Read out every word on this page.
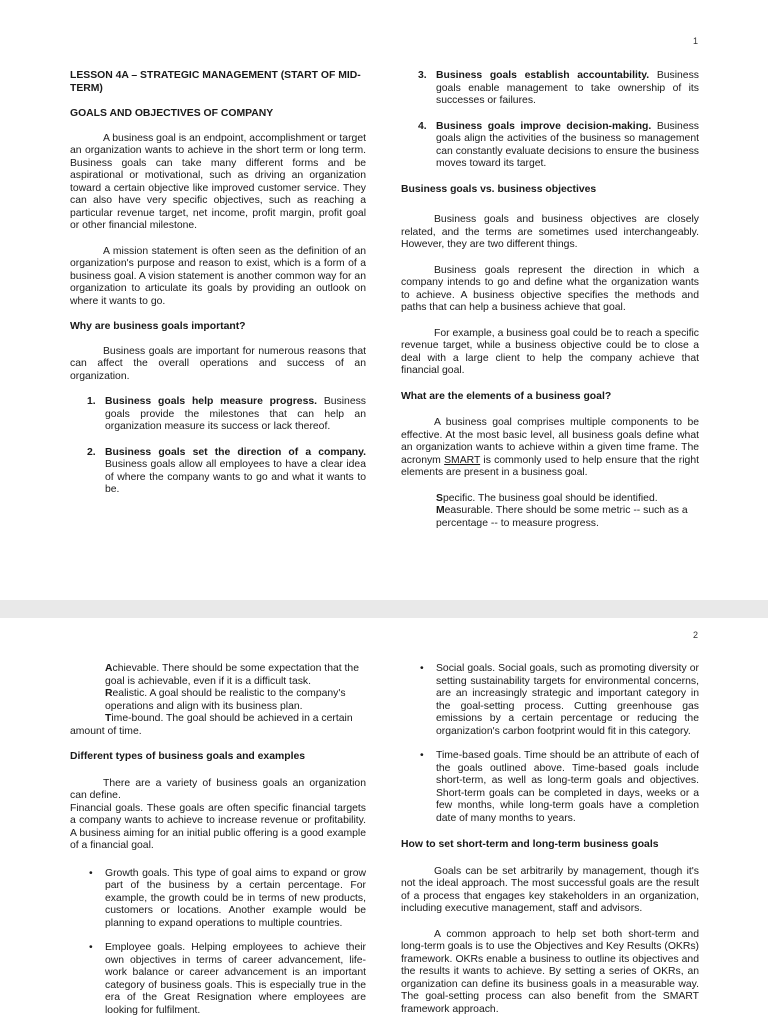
1

LESSON 4A – STRATEGIC MANAGEMENT (START OF MID-TERM)

GOALS AND OBJECTIVES OF COMPANY

A business goal is an endpoint, accomplishment or target an organization wants to achieve in the short term or long term. Business goals can take many different forms and be aspirational or motivational, such as driving an organization toward a certain objective like improved customer service. They can also have very specific objectives, such as reaching a particular revenue target, net income, profit margin, profit goal or other financial milestone.

A mission statement is often seen as the definition of an organization's purpose and reason to exist, which is a form of a business goal. A vision statement is another common way for an organization to articulate its goals by providing an outlook on where it wants to go.

Why are business goals important?

Business goals are important for numerous reasons that can affect the overall operations and success of an organization.

1. Business goals help measure progress. Business goals provide the milestones that can help an organization measure its success or lack thereof.
2. Business goals set the direction of a company. Business goals allow all employees to have a clear idea of where the company wants to go and what it wants to be.
3. Business goals establish accountability. Business goals enable management to take ownership of its successes or failures.
4. Business goals improve decision-making. Business goals align the activities of the business so management can constantly evaluate decisions to ensure the business moves toward its target.

Business goals vs. business objectives

Business goals and business objectives are closely related, and the terms are sometimes used interchangeably. However, they are two different things.

Business goals represent the direction in which a company intends to go and define what the organization wants to achieve. A business objective specifies the methods and paths that can help a business achieve that goal.

For example, a business goal could be to reach a specific revenue target, while a business objective could be to close a deal with a large client to help the company achieve that financial goal.

What are the elements of a business goal?

A business goal comprises multiple components to be effective. At the most basic level, all business goals define what an organization wants to achieve within a given time frame. The acronym SMART is commonly used to help ensure that the right elements are present in a business goal.

Specific. The business goal should be identified.
Measurable. There should be some metric -- such as a percentage -- to measure progress.
2
Achievable. There should be some expectation that the goal is achievable, even if it is a difficult task.
Realistic. A goal should be realistic to the company's operations and align with its business plan.
Time-bound. The goal should be achieved in a certain amount of time.

Different types of business goals and examples

There are a variety of business goals an organization can define.

Financial goals. These goals are often specific financial targets a company wants to achieve to increase revenue or profitability. A business aiming for an initial public offering is a good example of a financial goal.

• Growth goals. This type of goal aims to expand or grow part of the business by a certain percentage. For example, the growth could be in terms of new products, customers or locations. Another example would be planning to expand operations to multiple countries.
• Employee goals. Helping employees to achieve their own objectives in terms of career advancement, life-work balance or career advancement is an important category of business goals. This is especially true in the era of the Great Resignation where employees are looking for fulfilment.
• Social goals. Social goals, such as promoting diversity or setting sustainability targets for environmental concerns, are an increasingly strategic and important category in the goal-setting process. Cutting greenhouse gas emissions by a certain percentage or reducing the organization's carbon footprint would fit in this category.
• Time-based goals. Time should be an attribute of each of the goals outlined above. Time-based goals include short-term, as well as long-term goals and objectives. Short-term goals can be completed in days, weeks or a few months, while long-term goals have a completion date of many months to years.

How to set short-term and long-term business goals

Goals can be set arbitrarily by management, though it's not the ideal approach. The most successful goals are the result of a process that engages key stakeholders in an organization, including executive management, staff and advisors.

A common approach to help set both short-term and long-term goals is to use the Objectives and Key Results (OKRs) framework. OKRs enable a business to outline its objectives and the results it wants to achieve. By setting a series of OKRs, an organization can define its business goals in a measurable way. The goal-setting process can also benefit from the SMART framework approach.
